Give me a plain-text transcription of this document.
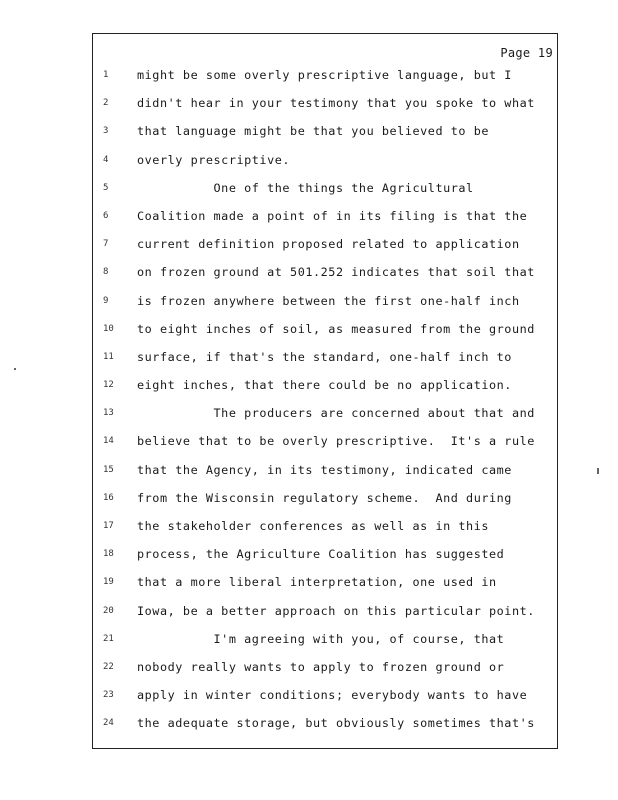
Page 19
1 might be some overly prescriptive language, but I
2 didn't hear in your testimony that you spoke to what
3 that language might be that you believed to be
4 overly prescriptive.
5 One of the things the Agricultural
6 Coalition made a point of in its filing is that the
7 current definition proposed related to application
8 on frozen ground at 501.252 indicates that soil that
9 is frozen anywhere between the first one-half inch
10 to eight inches of soil, as measured from the ground
11 surface, if that's the standard, one-half inch to
12 eight inches, that there could be no application.
13 The producers are concerned about that and
14 believe that to be overly prescriptive.  It's a rule
15 that the Agency, in its testimony, indicated came
16 from the Wisconsin regulatory scheme.  And during
17 the stakeholder conferences as well as in this
18 process, the Agriculture Coalition has suggested
19 that a more liberal interpretation, one used in
20 Iowa, be a better approach on this particular point.
21 I'm agreeing with you, of course, that
22 nobody really wants to apply to frozen ground or
23 apply in winter conditions; everybody wants to have
24 the adequate storage, but obviously sometimes that's
